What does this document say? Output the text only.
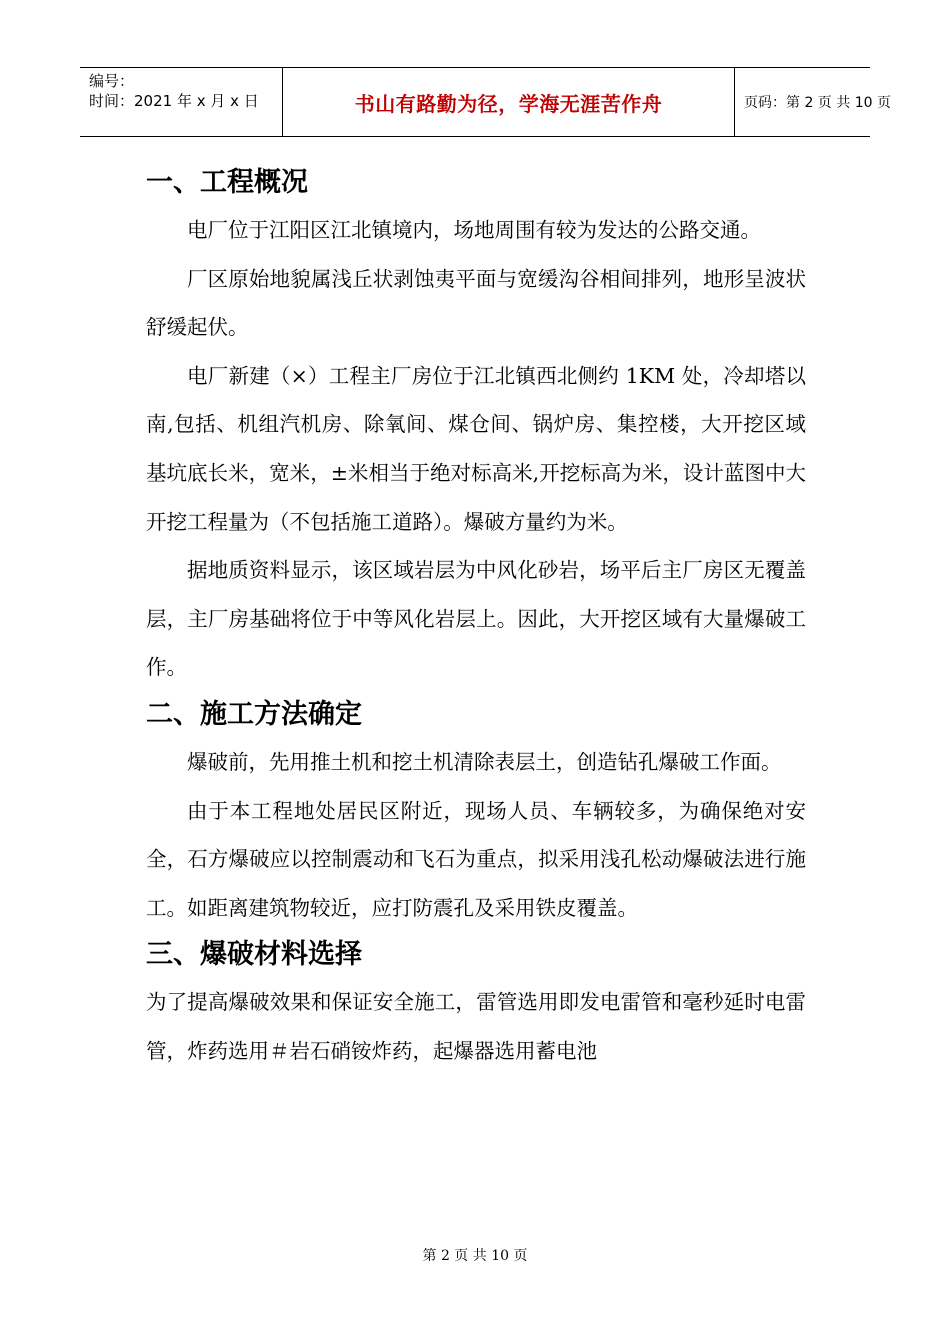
编号：
时间：2021 年 x 月 x 日	书山有路勤为径，学海无涯苦作舟	页码：第 2 页 共 10 页
一、工程概况

电厂位于江阳区江北镇境内，场地周围有较为发达的公路交通。

厂区原始地貌属浅丘状剥蚀夷平面与宽缓沟谷相间排列，地形呈波状舒缓起伏。

电厂新建（×）工程主厂房位于江北镇西北侧约 1KM 处，冷却塔以南,包括、机组汽机房、除氧间、煤仓间、锅炉房、集控楼，大开挖区域基坑底长米，宽米，±米相当于绝对标高米,开挖标高为米，设计蓝图中大开挖工程量为（不包括施工道路）。爆破方量约为米。

据地质资料显示，该区域岩层为中风化砂岩，场平后主厂房区无覆盖层，主厂房基础将位于中等风化岩层上。因此，大开挖区域有大量爆破工作。

二、施工方法确定

爆破前，先用推土机和挖土机清除表层土，创造钻孔爆破工作面。

由于本工程地处居民区附近，现场人员、车辆较多，为确保绝对安全，石方爆破应以控制震动和飞石为重点，拟采用浅孔松动爆破法进行施工。如距离建筑物较近，应打防震孔及采用铁皮覆盖。

三、爆破材料选择

为了提高爆破效果和保证安全施工，雷管选用即发电雷管和毫秒延时电雷管，炸药选用＃岩石硝铵炸药，起爆器选用蓄电池

第 2 页 共 10 页
